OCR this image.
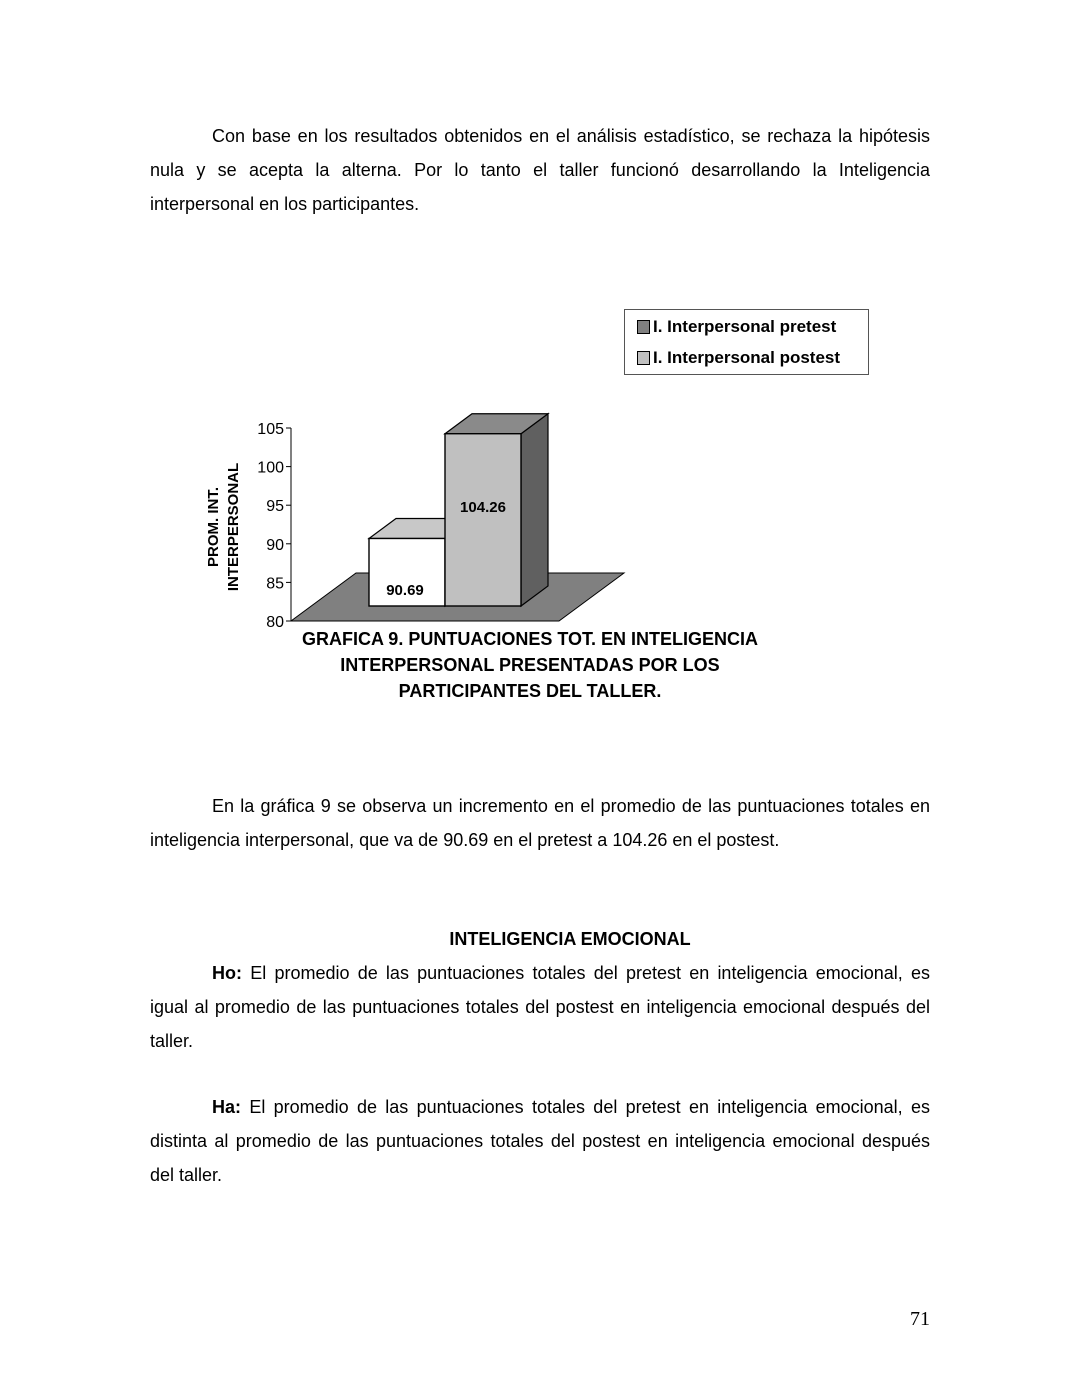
Con base en los resultados obtenidos en el análisis estadístico, se rechaza la hipótesis nula y se acepta la alterna. Por lo tanto el taller funcionó desarrollando la Inteligencia interpersonal en los participantes.

I. Interpersonal pretest
I. Interpersonal postest
PROM. INT. INTERPERSONAL
80
85
90
95
100
105
90.69
104.26
GRAFICA 9. PUNTUACIONES TOT. EN INTELIGENCIA
INTERPERSONAL PRESENTADAS POR LOS
PARTICIPANTES DEL TALLER.

En la gráfica 9 se observa un incremento en el promedio de las puntuaciones totales en inteligencia interpersonal, que va de 90.69 en el pretest a 104.26 en el postest.

INTELIGENCIA EMOCIONAL

Ho: El promedio de las puntuaciones totales del pretest en inteligencia emocional, es igual al promedio de las puntuaciones totales del postest en inteligencia emocional después del taller.

Ha: El promedio de las puntuaciones totales del pretest en inteligencia emocional, es distinta al promedio de las puntuaciones totales del postest en inteligencia emocional después del taller.

71
